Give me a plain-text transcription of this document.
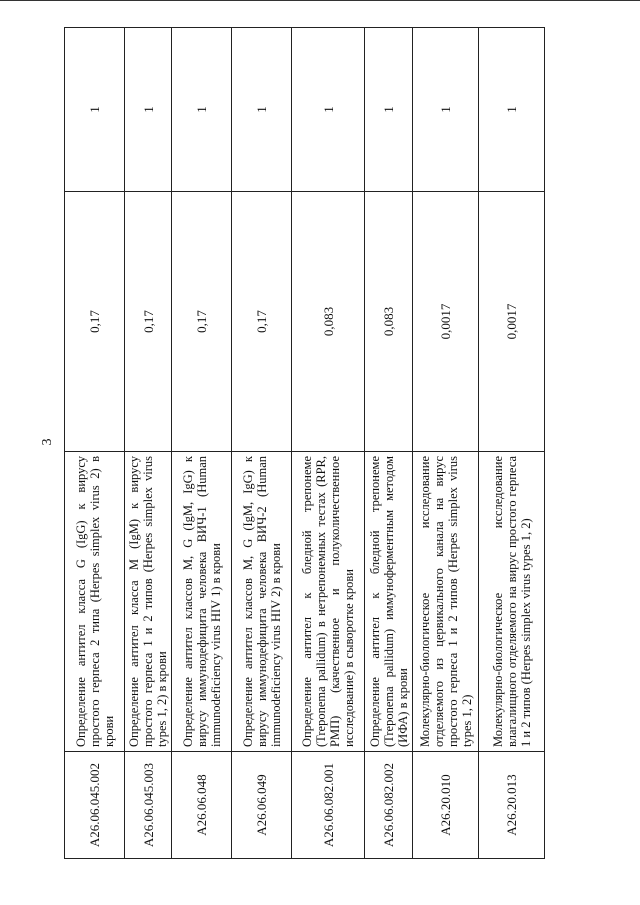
3
A26.06.045.002	Определение антител класса G (IgG) к вирусу простого герпеса 2 типа (Herpes simplex virus 2) в крови	0,17	1
A26.06.045.003	Определение антител класса M (IgM) к вирусу простого герпеса 1 и 2 типов (Herpes simplex virus types 1, 2) в крови	0,17	1
A26.06.048	Определение антител классов M, G (IgM, IgG) к вирусу иммунодефицита человека ВИЧ-1 (Human immunodeficiency virus HIV 1) в крови	0,17	1
A26.06.049	Определение антител классов M, G (IgM, IgG) к вирусу иммунодефицита человека ВИЧ-2 (Human immunodeficiency virus HIV 2) в крови	0,17	1
A26.06.082.001	Определение антител к бледной трепонеме (Treponema pallidum) в нетрепонемных тестах (RPR, РМП) (качественное и полуколичественное исследование) в сыворотке крови	0,083	1
A26.06.082.002	Определение антител к бледной трепонеме (Treponema pallidum) иммуноферментным методом (ИФА) в крови	0,083	1
A26.20.010	Молекулярно-биологическое исследование отделяемого из цервикального канала на вирус простого герпеса 1 и 2 типов (Herpes simplex virus types 1, 2)	0,0017	1
A26.20.013	Молекулярно-биологическое исследование влагалищного отделяемого на вирус простого герпеса 1 и 2 типов (Herpes simplex virus types 1, 2)	0,0017	1
